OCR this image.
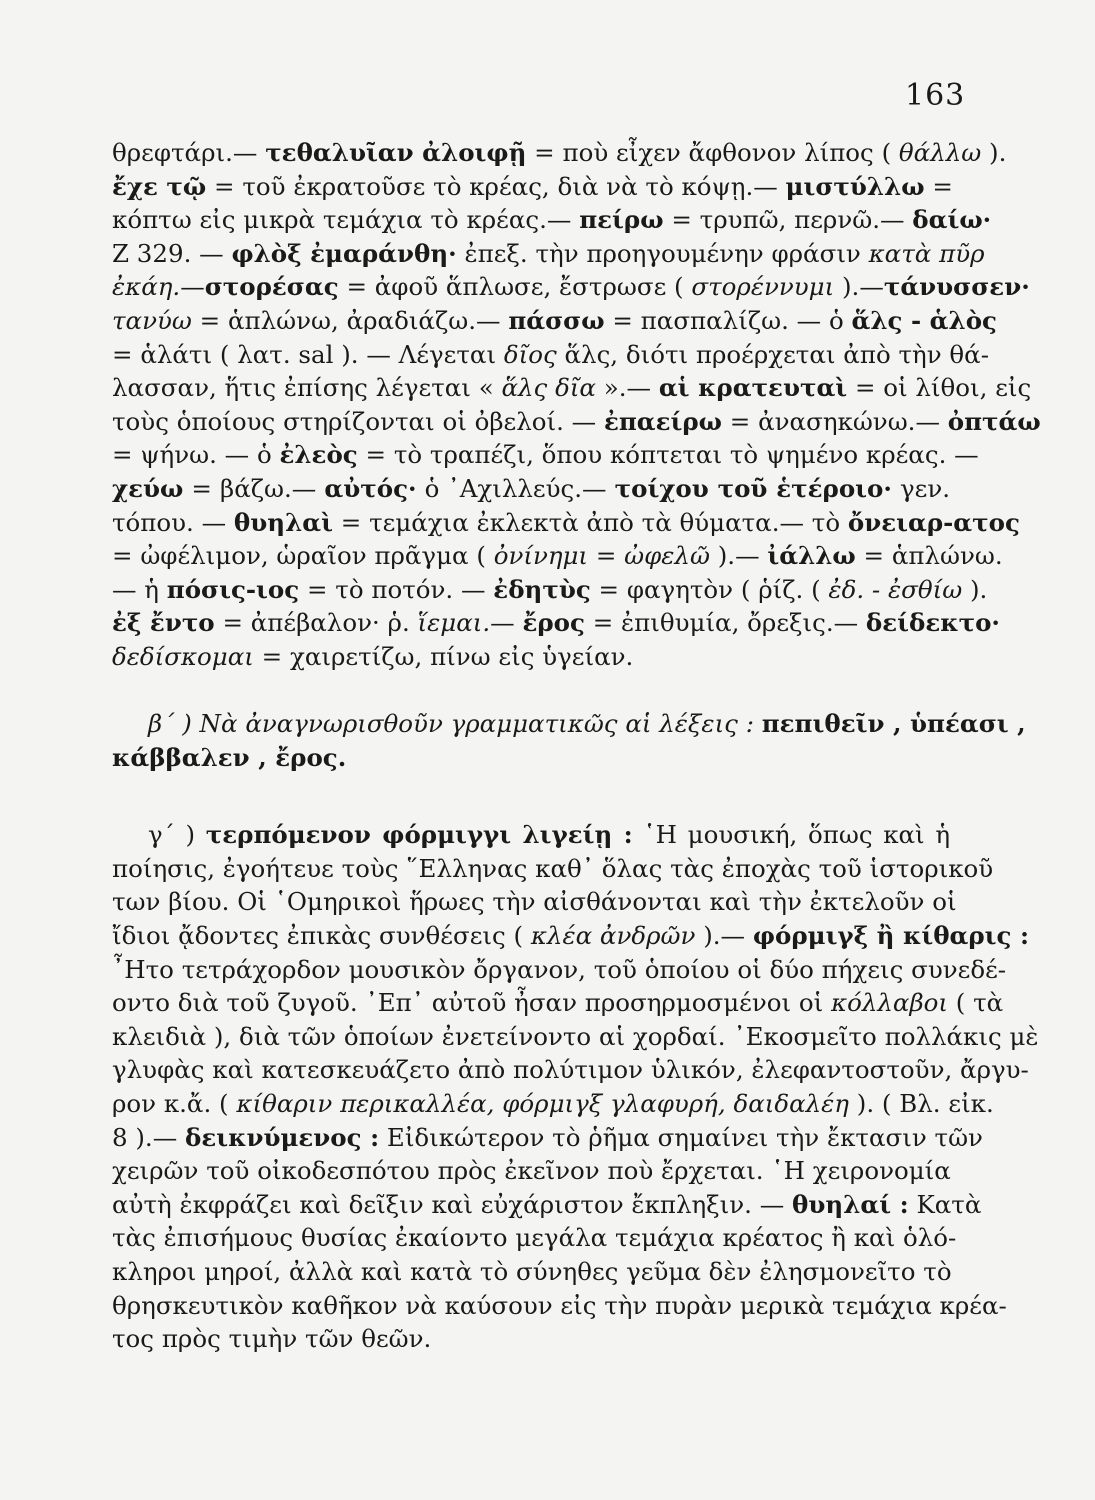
163
θρεφτάρι.— τεθαλυῖαν ἀλοιφῇ = ποὺ εἶχεν ἄφθονον λίπος ( θάλλω ).
ἔχε τῷ = τοῦ ἐκρατοῦσε τὸ κρέας, διὰ νὰ τὸ κόψῃ.— μιστύλλω =
κόπτω εἰς μικρὰ τεμάχια τὸ κρέας.— πείρω = τρυπῶ, περνῶ.— δαίω·
Ζ 329. — φλὸξ ἐμαράνθη· ἐπεξ. τὴν προηγουμένην φράσιν κατὰ πῦρ
ἐκάη.—στορέσας = ἀφοῦ ἅπλωσε, ἔστρωσε ( στορέννυμι ).—τάνυσσεν·
τανύω = ἁπλώνω, ἀραδιάζω.— πάσσω = πασπαλίζω. — ὁ ἅλς - ἁλὸς
= ἁλάτι ( λατ. sal ). — Λέγεται δῖος ἅλς, διότι προέρχεται ἀπὸ τὴν θά-
λασσαν, ἥτις ἐπίσης λέγεται « ἅλς δῖα ».— αἱ κρατευταὶ = οἱ λίθοι, εἰς
τοὺς ὁποίους στηρίζονται οἱ ὀβελοί. — ἐπαείρω = ἀνασηκώνω.— ὀπτάω
= ψήνω. — ὁ ἐλεὸς = τὸ τραπέζι, ὅπου κόπτεται τὸ ψημένο κρέας. —
χεύω = βάζω.— αὐτός· ὁ ᾿Αχιλλεύς.— τοίχου τοῦ ἑτέροιο· γεν.
τόπου. — θυηλαὶ = τεμάχια ἐκλεκτὰ ἀπὸ τὰ θύματα.— τὸ ὄνειαρ-ατος
= ὠφέλιμον, ὡραῖον πρᾶγμα ( ὀνίνημι = ὠφελῶ ).— ἰάλλω = ἁπλώνω.
— ἡ πόσις-ιος = τὸ ποτόν. — ἐδητὺς = φαγητὸν ( ῥίζ. ( ἐδ. - ἐσθίω ).
ἐξ ἔντο = ἀπέβαλον· ῥ. ἵεμαι.— ἔρος = ἐπιθυμία, ὄρεξις.— δείδεκτο·
δεδίσκομαι = χαιρετίζω, πίνω εἰς ὑγείαν.
β΄ ) Νὰ ἀναγνωρισθοῦν γραμματικῶς αἱ λέξεις : πεπιθεῖν , ὑπέασι ,
κάββαλεν , ἔρος.
γ΄ ) τερπόμενον φόρμιγγι λιγείῃ : ῾Η μουσική, ὅπως καὶ ἡ
ποίησις, ἐγοήτευε τοὺς ῞Ελληνας καθ᾿ ὅλας τὰς ἐποχὰς τοῦ ἱστορικοῦ
των βίου. Οἱ ῾Ομηρικοὶ ἥρωες τὴν αἰσθάνονται καὶ τὴν ἐκτελοῦν οἱ
ἴδιοι ᾄδοντες ἐπικὰς συνθέσεις ( κλέα ἀνδρῶν ).— φόρμιγξ ἢ κίθαρις :
῏Ητο τετράχορδον μουσικὸν ὄργανον, τοῦ ὁποίου οἱ δύο πήχεις συνεδέ-
οντο διὰ τοῦ ζυγοῦ. ᾿Επ᾿ αὐτοῦ ἦσαν προσηρμοσμένοι οἱ κόλλαβοι ( τὰ
κλειδιὰ ), διὰ τῶν ὁποίων ἐνετείνοντο αἱ χορδαί. ᾿Εκοσμεῖτο πολλάκις μὲ
γλυφὰς καὶ κατεσκευάζετο ἀπὸ πολύτιμον ὑλικόν, ἐλεφαντοστοῦν, ἄργυ-
ρον κ.ἄ. ( κίθαριν περικαλλέα, φόρμιγξ γλαφυρή, δαιδαλέη ). ( Βλ. εἰκ.
8 ).— δεικνύμενος : Εἰδικώτερον τὸ ῥῆμα σημαίνει τὴν ἔκτασιν τῶν
χειρῶν τοῦ οἰκοδεσπότου πρὸς ἐκεῖνον ποὺ ἔρχεται. ῾Η χειρονομία
αὐτὴ ἐκφράζει καὶ δεῖξιν καὶ εὐχάριστον ἔκπληξιν. — θυηλαί : Κατὰ
τὰς ἐπισήμους θυσίας ἐκαίοντο μεγάλα τεμάχια κρέατος ἢ καὶ ὁλό-
κληροι μηροί, ἀλλὰ καὶ κατὰ τὸ σύνηθες γεῦμα δὲν ἐλησμονεῖτο τὸ
θρησκευτικὸν καθῆκον νὰ καύσουν εἰς τὴν πυρὰν μερικὰ τεμάχια κρέα-
τος πρὸς τιμὴν τῶν θεῶν.
